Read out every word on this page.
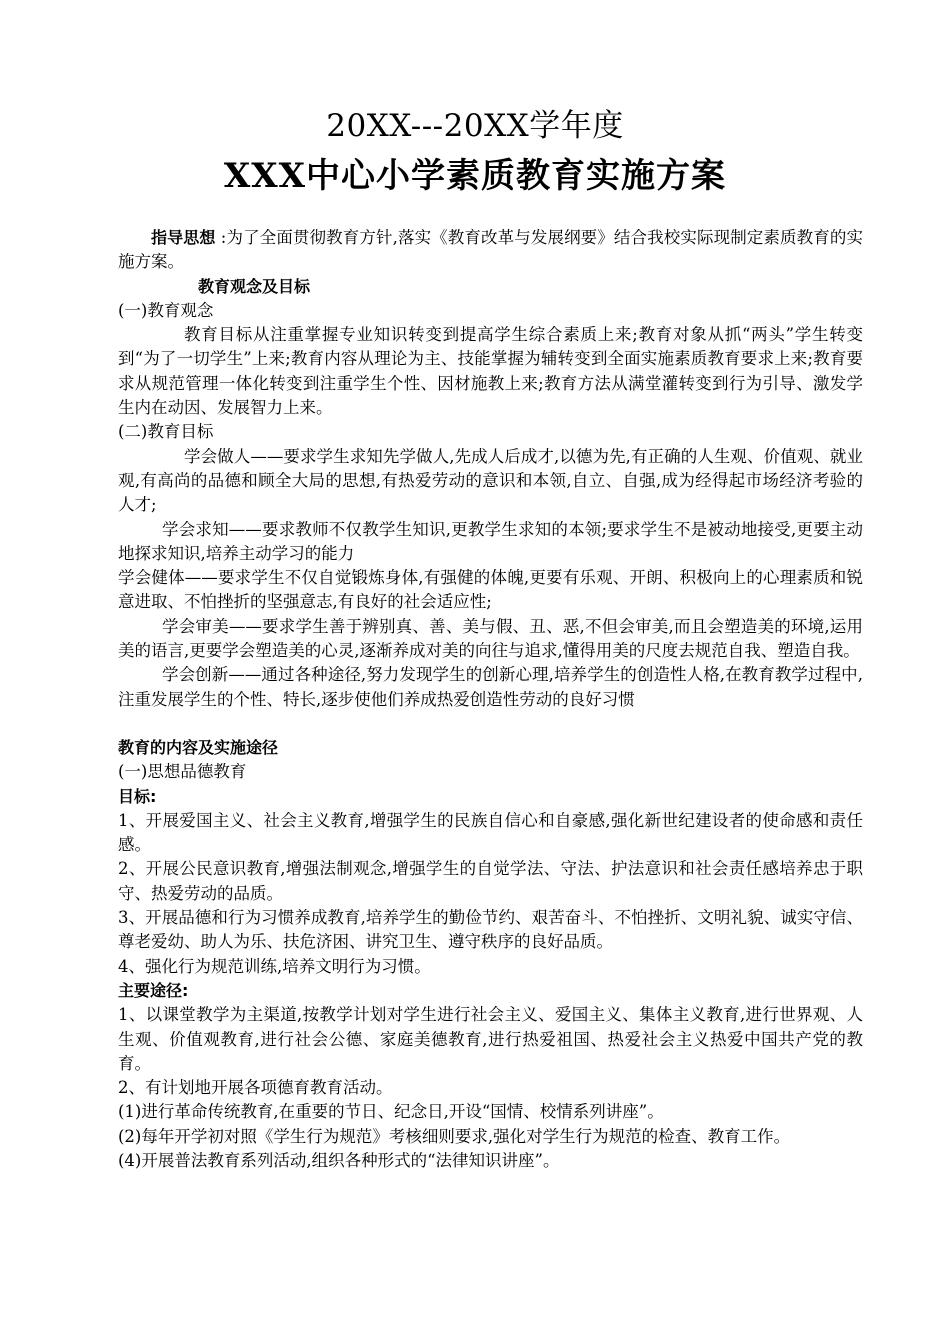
20XX---20XX学年度
XXX中心小学素质教育实施方案

指导思想 :为了全面贯彻教育方针,落实《教育改革与发展纲要》结合我校实际现制定素质教育的实施方案。

教育观念及目标

(一)教育观念

教育目标从注重掌握专业知识转变到提高学生综合素质上来;教育对象从抓“两头”学生转变到“为了一切学生”上来;教育内容从理论为主、技能掌握为辅转变到全面实施素质教育要求上来;教育要求从规范管理一体化转变到注重学生个性、因材施教上来;教育方法从满堂灌转变到行为引导、激发学生内在动因、发展智力上来。

(二)教育目标

学会做人——要求学生求知先学做人,先成人后成才,以德为先,有正确的人生观、价值观、就业观,有高尚的品德和顾全大局的思想,有热爱劳动的意识和本领,自立、自强,成为经得起市场经济考验的人才;

学会求知——要求教师不仅教学生知识,更教学生求知的本领;要求学生不是被动地接受,更要主动地探求知识,培养主动学习的能力

学会健体——要求学生不仅自觉锻炼身体,有强健的体魄,更要有乐观、开朗、积极向上的心理素质和锐意进取、不怕挫折的坚强意志,有良好的社会适应性;

学会审美——要求学生善于辨别真、善、美与假、丑、恶,不但会审美,而且会塑造美的环境,运用美的语言,更要学会塑造美的心灵,逐渐养成对美的向往与追求,懂得用美的尺度去规范自我、塑造自我。

学会创新——通过各种途径,努力发现学生的创新心理,培养学生的创造性人格,在教育教学过程中,注重发展学生的个性、特长,逐步使他们养成热爱创造性劳动的良好习惯

教育的内容及实施途径

(一)思想品德教育

目标:

1、开展爱国主义、社会主义教育,增强学生的民族自信心和自豪感,强化新世纪建设者的使命感和责任感。

2、开展公民意识教育,增强法制观念,增强学生的自觉学法、守法、护法意识和社会责任感培养忠于职守、热爱劳动的品质。

3、开展品德和行为习惯养成教育,培养学生的勤俭节约、艰苦奋斗、不怕挫折、文明礼貌、诚实守信、尊老爱幼、助人为乐、扶危济困、讲究卫生、遵守秩序的良好品质。

4、强化行为规范训练,培养文明行为习惯。

主要途径:

1、以课堂教学为主渠道,按教学计划对学生进行社会主义、爱国主义、集体主义教育,进行世界观、人生观、价值观教育,进行社会公德、家庭美德教育,进行热爱祖国、热爱社会主义热爱中国共产党的教育。

2、有计划地开展各项德育教育活动。

(1)进行革命传统教育,在重要的节日、纪念日,开设“国情、校情系列讲座”。

(2)每年开学初对照《学生行为规范》考核细则要求,强化对学生行为规范的检查、教育工作。

(4)开展普法教育系列活动,组织各种形式的“法律知识讲座”。
